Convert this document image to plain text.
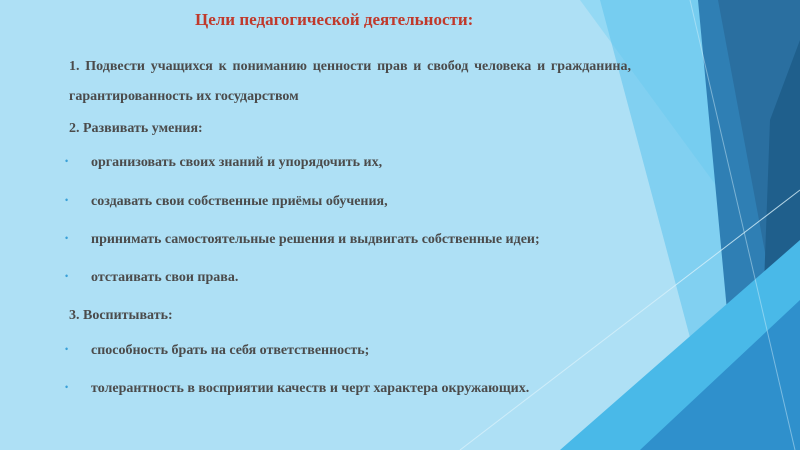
Цели педагогической деятельности:
1. Подвести учащихся к пониманию ценности прав и свобод человека и гражданина, гарантированность их государством
2. Развивать умения:
• организовать своих знаний и упорядочить их,
• создавать свои собственные приёмы обучения,
• принимать самостоятельные решения и выдвигать собственные идеи;
• отстаивать свои права.
3. Воспитывать:
• способность брать на себя ответственность;
• толерантность в восприятии качеств и черт характера окружающих.
